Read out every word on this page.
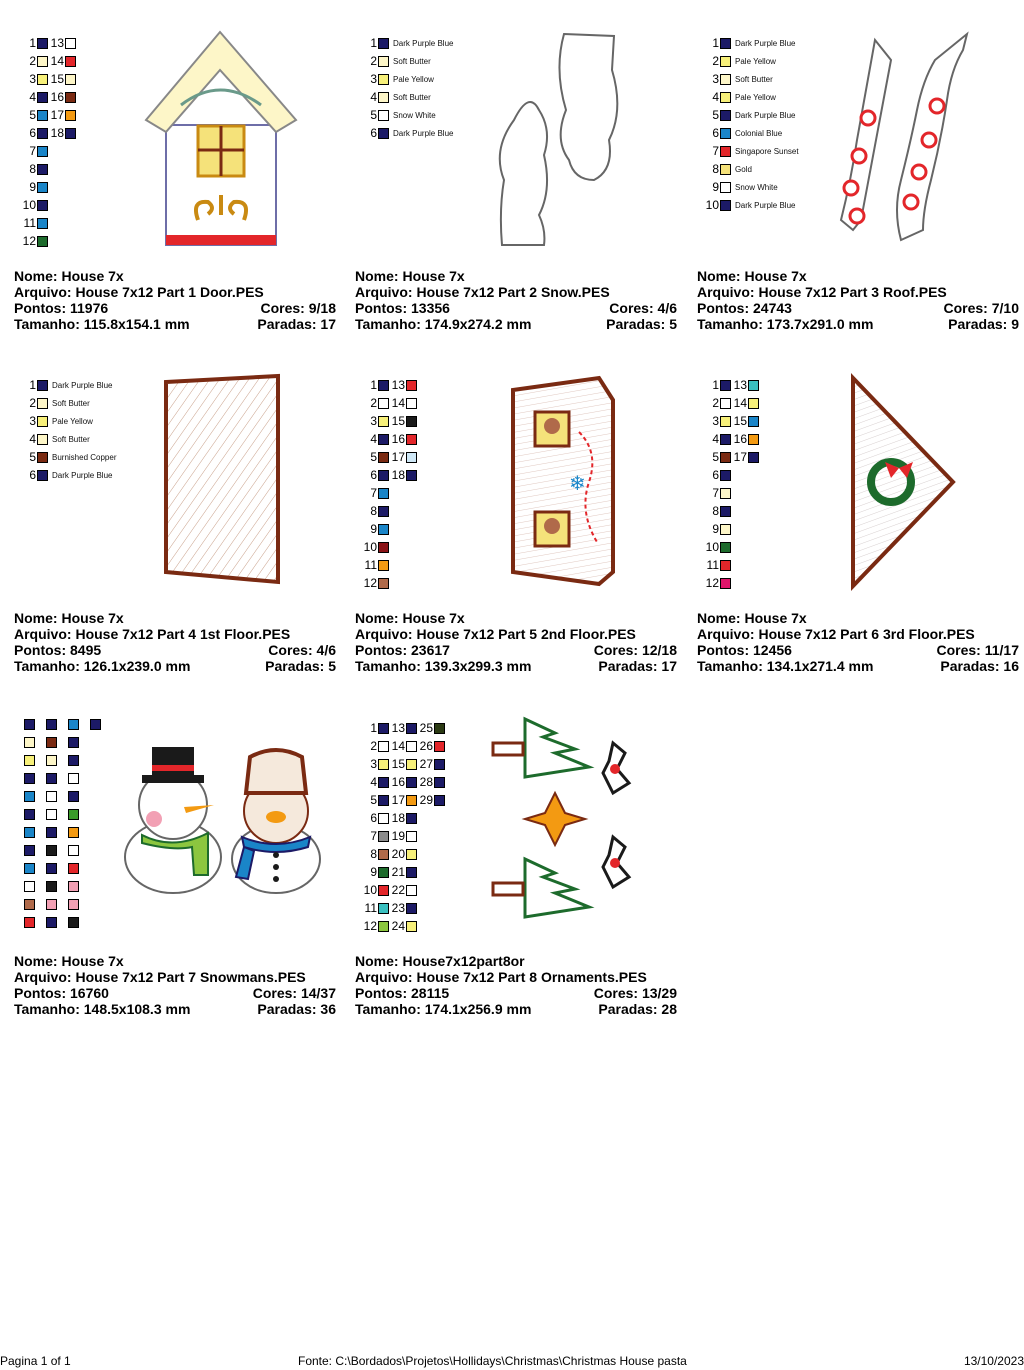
1 13
2 14
3 15
4 16
5 17
6 18
7
8
9
10
11
12
Nome: House 7x
Arquivo: House 7x12 Part 1 Door.PES
Pontos: 11976	Cores: 9/18
Tamanho: 115.8x154.1 mm	Paradas: 17
1 Dark Purple Blue
2 Soft Butter
3 Pale Yellow
4 Soft Butter
5 Snow White
6 Dark Purple Blue
Nome: House 7x
Arquivo: House 7x12 Part 2 Snow.PES
Pontos: 13356	Cores: 4/6
Tamanho: 174.9x274.2 mm	Paradas: 5
1 Dark Purple Blue
2 Pale Yellow
3 Soft Butter
4 Pale Yellow
5 Dark Purple Blue
6 Colonial Blue
7 Singapore Sunset
8 Gold
9 Snow White
10 Dark Purple Blue
Nome: House 7x
Arquivo: House 7x12 Part 3 Roof.PES
Pontos: 24743	Cores: 7/10
Tamanho: 173.7x291.0 mm	Paradas: 9
1 Dark Purple Blue
2 Soft Butter
3 Pale Yellow
4 Soft Butter
5 Burnished Copper
6 Dark Purple Blue
Nome: House 7x
Arquivo: House 7x12 Part 4 1st Floor.PES
Pontos: 8495	Cores: 4/6
Tamanho: 126.1x239.0 mm	Paradas: 5
1 13
2 14
3 15
4 16
5 17
6 18
7
8
9
10
11
12
❄
Nome: House 7x
Arquivo: House 7x12 Part 5 2nd Floor.PES
Pontos: 23617	Cores: 12/18
Tamanho: 139.3x299.3 mm	Paradas: 17
1 13
2 14
3 15
4 16
5 17
6
7
8
9
10
11
12
Nome: House 7x
Arquivo: House 7x12 Part 6 3rd Floor.PES
Pontos: 12456	Cores: 11/17
Tamanho: 134.1x271.4 mm	Paradas: 16
Nome: House 7x
Arquivo: House 7x12 Part 7 Snowmans.PES
Pontos: 16760	Cores: 14/37
Tamanho: 148.5x108.3 mm	Paradas: 36
1 13 25
2 14 26
3 15 27
4 16 28
5 17 29
6 18
7 19
8 20
9 21
10 22
11 23
12 24
Nome: House7x12part8or
Arquivo: House 7x12 Part 8 Ornaments.PES
Pontos: 28115	Cores: 13/29
Tamanho: 174.1x256.9 mm	Paradas: 28
Pagina 1 of 1	Fonte: C:\Bordados\Projetos\Hollidays\Christmas\Christmas House pasta	13/10/2023
